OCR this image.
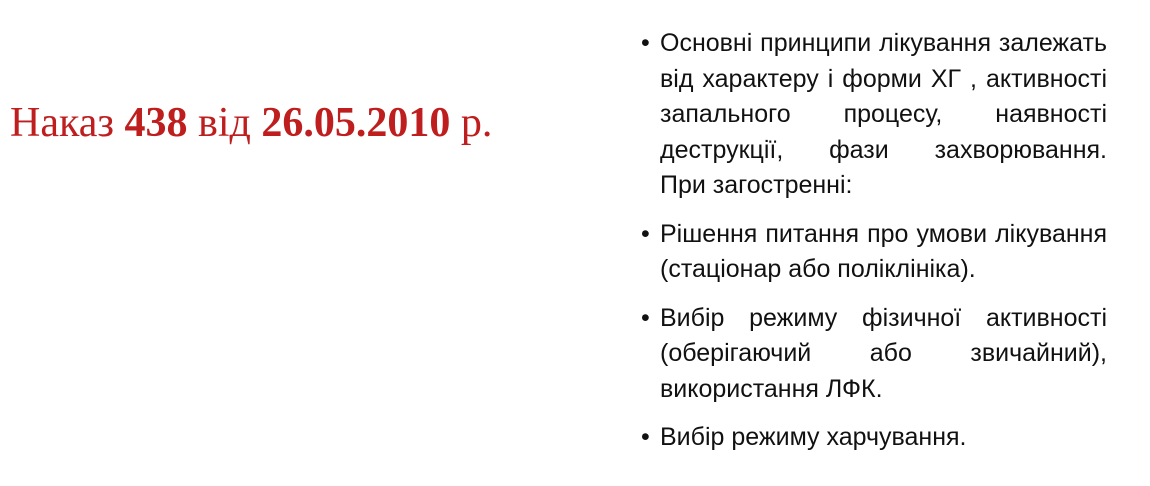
Наказ 438 від 26.05.2010 р.
• Основні принципи лікування залежать від характеру і форми ХГ , активності запального процесу, наявності деструкції, фази захворювання.
При загостренні:
• Рішення питання про умови лікування (стаціонар або поліклініка).
• Вибір режиму фізичної активності (оберігаючий або звичайний), використання ЛФК.
• Вибір режиму харчування.
